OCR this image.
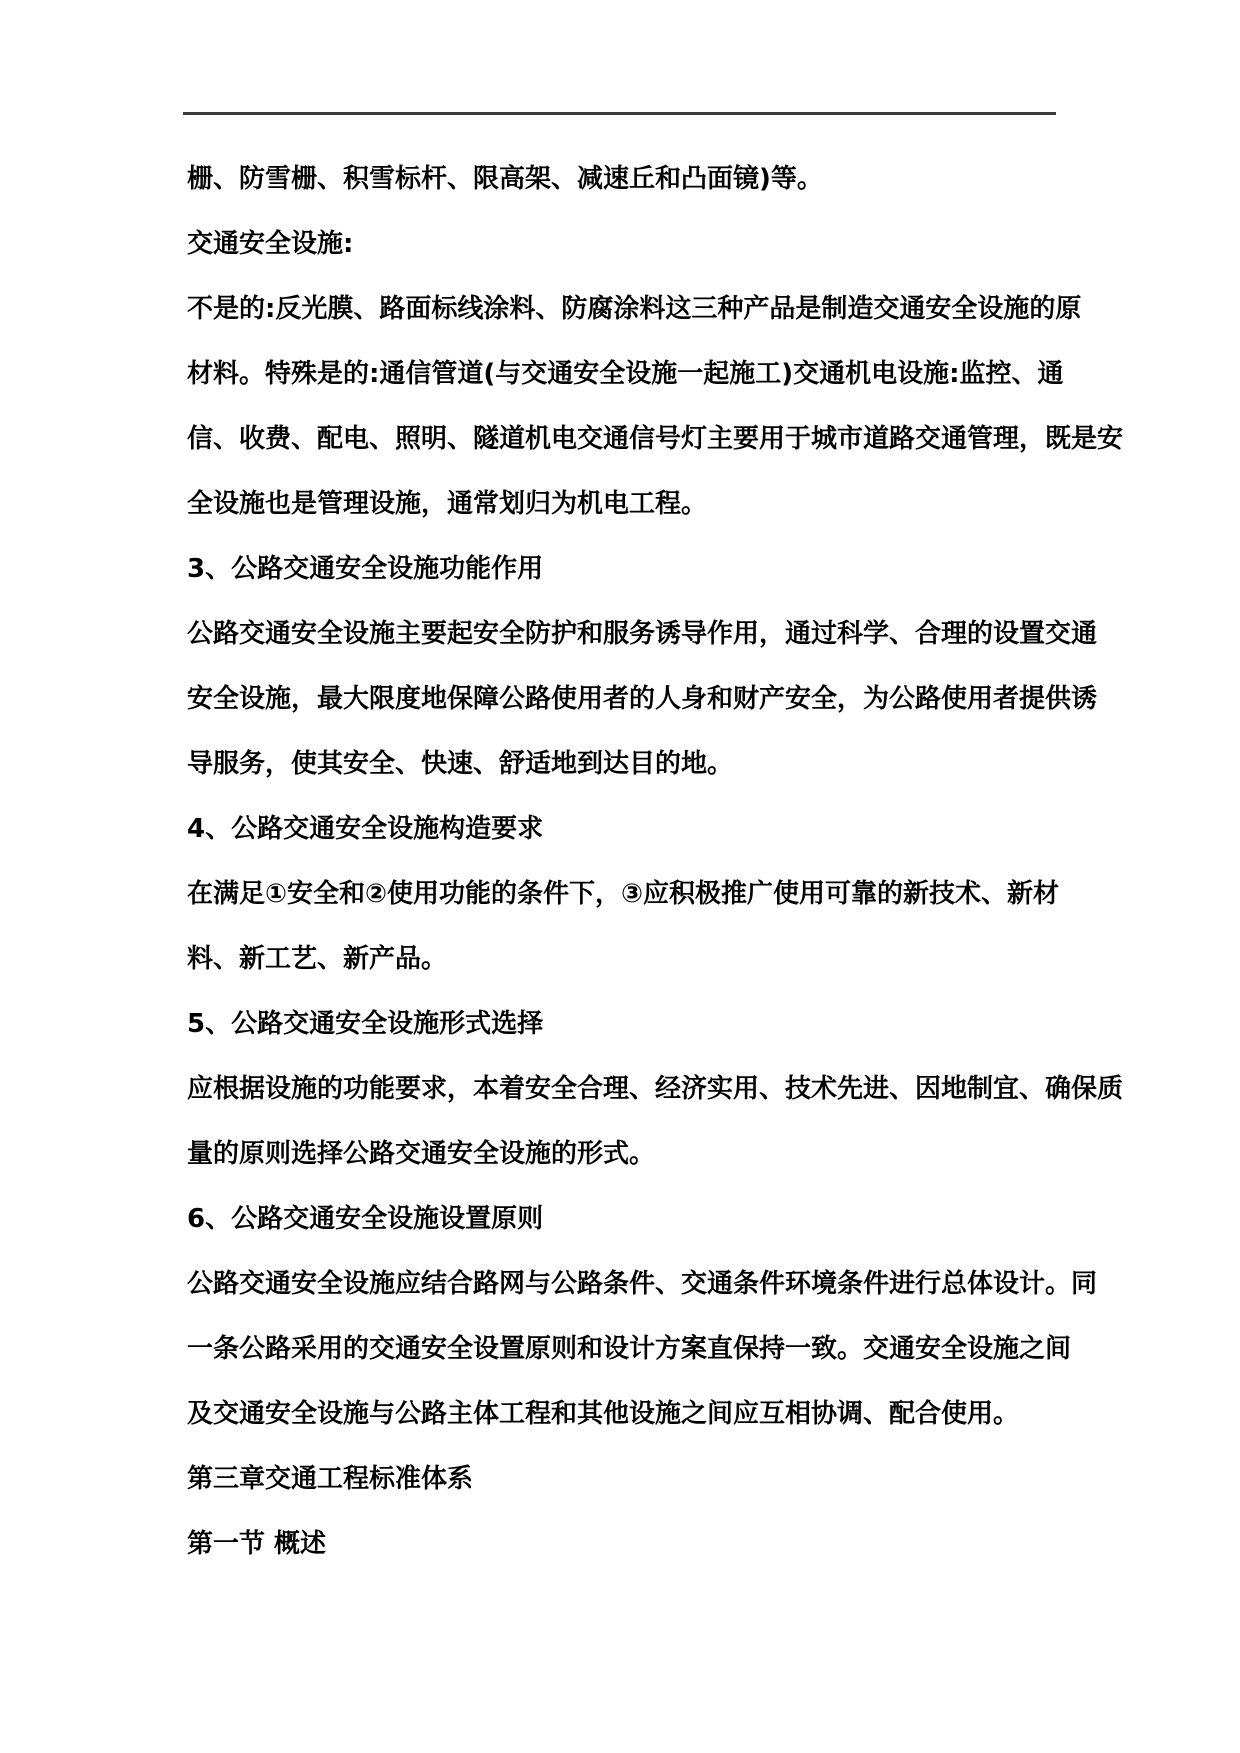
栅、防雪栅、积雪标杆、限高架、减速丘和凸面镜)等。
交通安全设施:
不是的:反光膜、路面标线涂料、防腐涂料这三种产品是制造交通安全设施的原
材料。特殊是的:通信管道(与交通安全设施一起施工)交通机电设施:监控、通
信、收费、配电、照明、隧道机电交通信号灯主要用于城市道路交通管理，既是安
全设施也是管理设施，通常划归为机电工程。
3、公路交通安全设施功能作用
公路交通安全设施主要起安全防护和服务诱导作用，通过科学、合理的设置交通
安全设施，最大限度地保障公路使用者的人身和财产安全，为公路使用者提供诱
导服务，使其安全、快速、舒适地到达目的地。
4、公路交通安全设施构造要求
在满足①安全和②使用功能的条件下，③应积极推广使用可靠的新技术、新材
料、新工艺、新产品。
5、公路交通安全设施形式选择
应根据设施的功能要求，本着安全合理、经济实用、技术先进、因地制宜、确保质
量的原则选择公路交通安全设施的形式。
6、公路交通安全设施设置原则
公路交通安全设施应结合路网与公路条件、交通条件环境条件进行总体设计。同
一条公路采用的交通安全设置原则和设计方案直保持一致。交通安全设施之间
及交通安全设施与公路主体工程和其他设施之间应互相协调、配合使用。
第三章交通工程标准体系
第一节 概述
